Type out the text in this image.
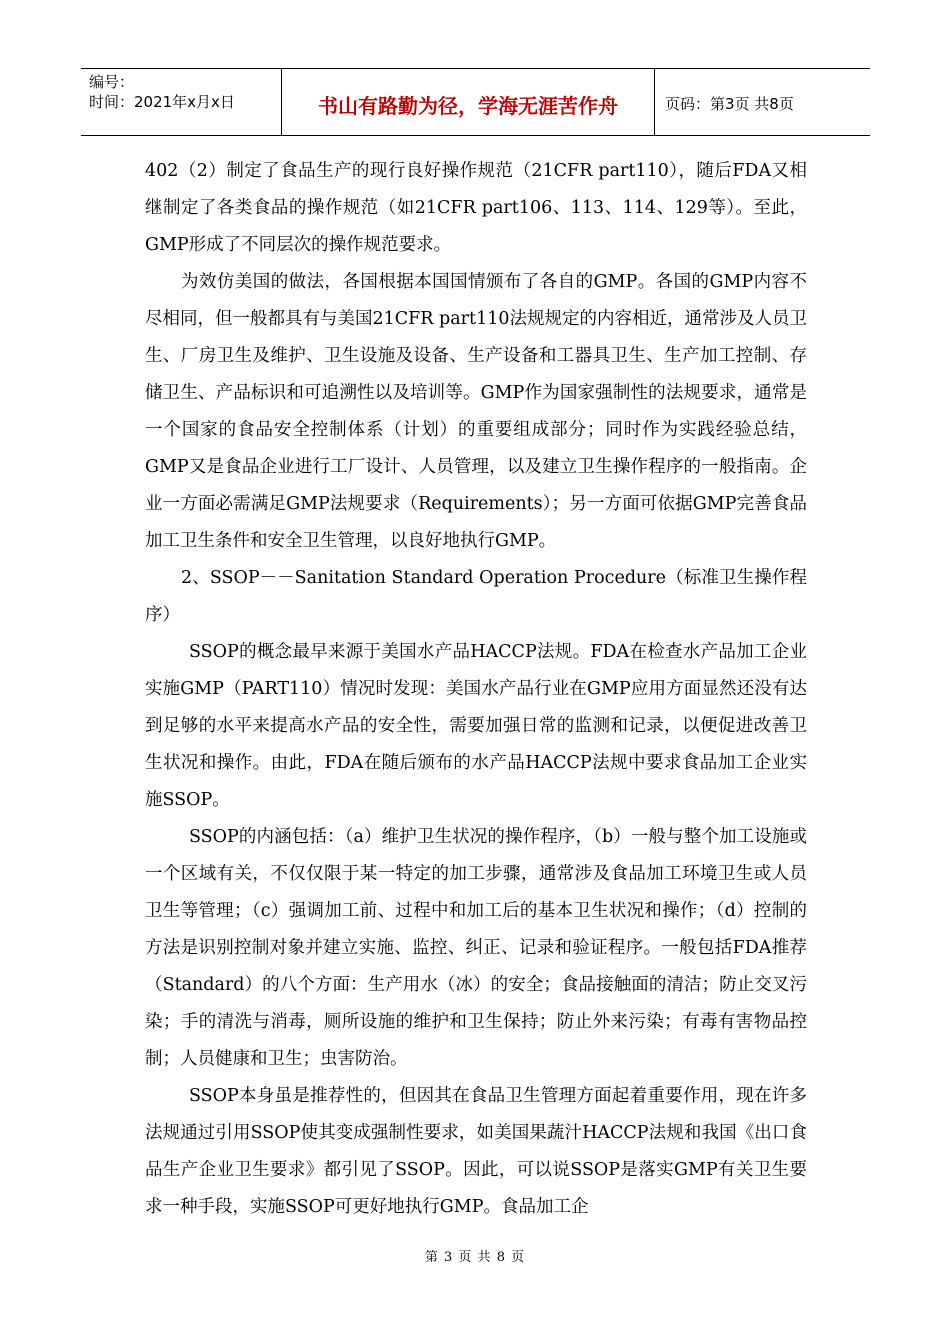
编号：
时间：2021年x月x日	书山有路勤为径，学海无涯苦作舟	页码：第3页 共8页

402（2）制定了食品生产的现行良好操作规范（21CFR part110），随后FDA又相继制定了各类食品的操作规范（如21CFR part106、113、114、129等）。至此，GMP形成了不同层次的操作规范要求。

为效仿美国的做法，各国根据本国国情颁布了各自的GMP。各国的GMP内容不尽相同，但一般都具有与美国21CFR part110法规规定的内容相近，通常涉及人员卫生、厂房卫生及维护、卫生设施及设备、生产设备和工器具卫生、生产加工控制、存储卫生、产品标识和可追溯性以及培训等。GMP作为国家强制性的法规要求，通常是一个国家的食品安全控制体系（计划）的重要组成部分；同时作为实践经验总结，GMP又是食品企业进行工厂设计、人员管理，以及建立卫生操作程序的一般指南。企业一方面必需满足GMP法规要求（Requirements）；另一方面可依据GMP完善食品加工卫生条件和安全卫生管理，以良好地执行GMP。

2、SSOP－－Sanitation Standard Operation Procedure（标准卫生操作程序）

SSOP的概念最早来源于美国水产品HACCP法规。FDA在检查水产品加工企业实施GMP（PART110）情况时发现：美国水产品行业在GMP应用方面显然还没有达到足够的水平来提高水产品的安全性，需要加强日常的监测和记录，以便促进改善卫生状况和操作。由此，FDA在随后颁布的水产品HACCP法规中要求食品加工企业实施SSOP。

SSOP的内涵包括：（a）维护卫生状况的操作程序，（b）一般与整个加工设施或一个区域有关，不仅仅限于某一特定的加工步骤，通常涉及食品加工环境卫生或人员卫生等管理；（c）强调加工前、过程中和加工后的基本卫生状况和操作；（d）控制的方法是识别控制对象并建立实施、监控、纠正、记录和验证程序。一般包括FDA推荐（Standard）的八个方面：生产用水（冰）的安全；食品接触面的清洁；防止交叉污染；手的清洗与消毒，厕所设施的维护和卫生保持；防止外来污染；有毒有害物品控制；人员健康和卫生；虫害防治。

SSOP本身虽是推荐性的，但因其在食品卫生管理方面起着重要作用，现在许多法规通过引用SSOP使其变成强制性要求，如美国果蔬汁HACCP法规和我国《出口食品生产企业卫生要求》都引见了SSOP。因此，可以说SSOP是落实GMP有关卫生要求一种手段，实施SSOP可更好地执行GMP。食品加工企

第 3 页 共 8 页
